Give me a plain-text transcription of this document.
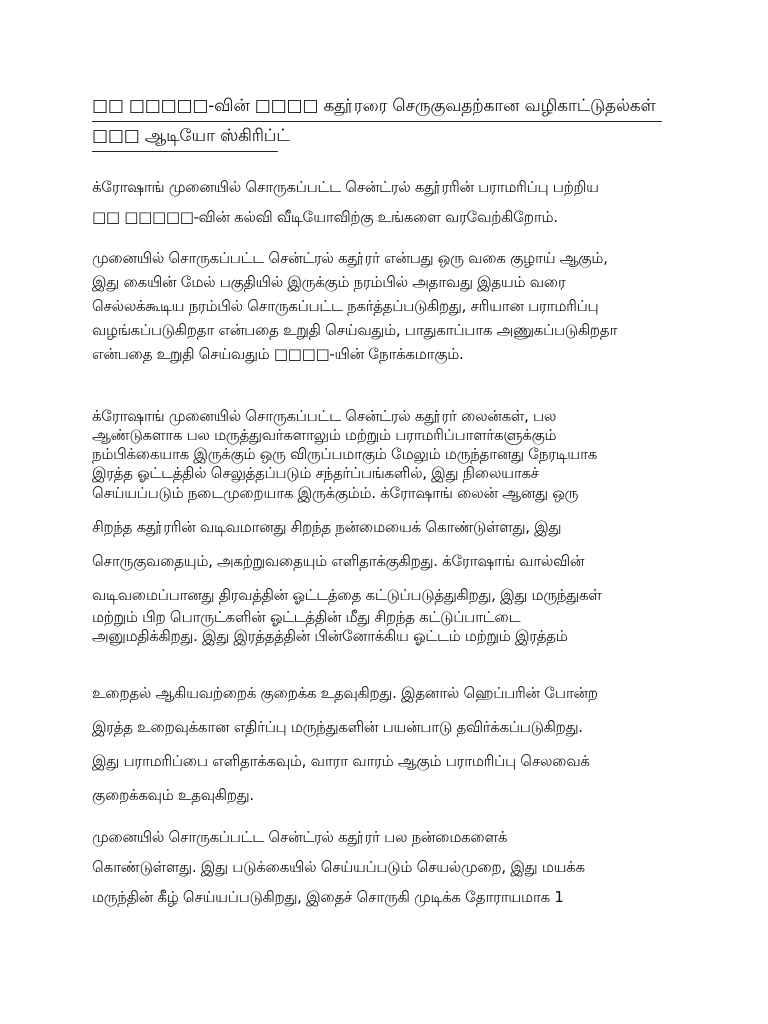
□□ □□□□□-வின் □□□□ கதூ்ரரை செருகுவதற்கான வழிகாட்டுதல்கள்
□□□ ஆடியோ ஸ்கிரிப்ட்
க்ரோஷாங் முனையில் சொருகப்பட்ட சென்ட்ரல் கதூ்ரரின் பராமரிப்பு பற்றிய
□□ □□□□□-வின் கல்வி வீடியோவிற்கு உங்களை வரவேற்கிறோம்.
முனையில் சொருகப்பட்ட சென்ட்ரல் கதூ்ரர் என்பது ஒரு வகை குழாய் ஆகும்,
இது கையின் மேல் பகுதியில் இருக்கும் நரம்பில் அதாவது இதயம் வரை
செல்லக்கூடிய நரம்பில் சொருகப்பட்ட நகர்த்தப்படுகிறது, சரியான பராமரிப்பு
வழங்கப்படுகிறதா என்பதை உறுதி செய்வதும், பாதுகாப்பாக அணுகப்படுகிறதா
என்பதை உறுதி செய்வதும் □□□□-யின் நோக்கமாகும்.
க்ரோஷாங் முனையில் சொருகப்பட்ட சென்ட்ரல் கதூ்ரர் லைன்கள், பல
ஆண்டுகளாக பல மருத்துவர்களாலும் மற்றும் பராமரிப்பாளர்களுக்கும்
நம்பிக்கையாக இருக்கும் ஒரு விருப்பமாகும் மேலும் மருந்தானது நேரடியாக
இரத்த ஓட்டத்தில் செலுத்தப்படும் சந்தர்ப்பங்களில், இது நிலையாகச்
செய்யப்படும் நடைமுறையாக இருக்கும்ம். க்ரோஷாங் லைன் ஆனது ஒரு
சிறந்த கதூ்ரரின் வடிவமானது சிறந்த நன்மையைக் கொண்டுள்ளது, இது
சொருகுவதையும், அகற்றுவதையும் எளிதாக்குகிறது. க்ரோஷாங் வால்வின்
வடிவமைப்பானது திரவத்தின் ஓட்டத்தை கட்டுப்படுத்துகிறது, இது மருந்துகள்
மற்றும் பிற பொருட்களின் ஓட்டத்தின் மீது சிறந்த கட்டுப்பாட்டை
அனுமதிக்கிறது. இது இரத்தத்தின் பின்னோக்கிய ஓட்டம் மற்றும் இரத்தம்
உறைதல் ஆகியவற்றைக் குறைக்க உதவுகிறது. இதனால் ஹெப்பரின் போன்ற
இரத்த உறைவுக்கான எதிர்ப்பு மருந்துகளின் பயன்பாடு தவிர்க்கப்படுகிறது.
இது பராமரிப்பை எளிதாக்கவும், வாரா வாரம் ஆகும் பராமரிப்பு செலவைக்
குறைக்கவும் உதவுகிறது.
முனையில் சொருகப்பட்ட சென்ட்ரல் கதூ்ரர் பல நன்மைகளைக்
கொண்டுள்ளது. இது படுக்கையில் செய்யப்படும் செயல்முறை, இது மயக்க
மருந்தின் கீழ் செய்யப்படுகிறது, இதைச் சொருகி முடிக்க தோராயமாக 1
